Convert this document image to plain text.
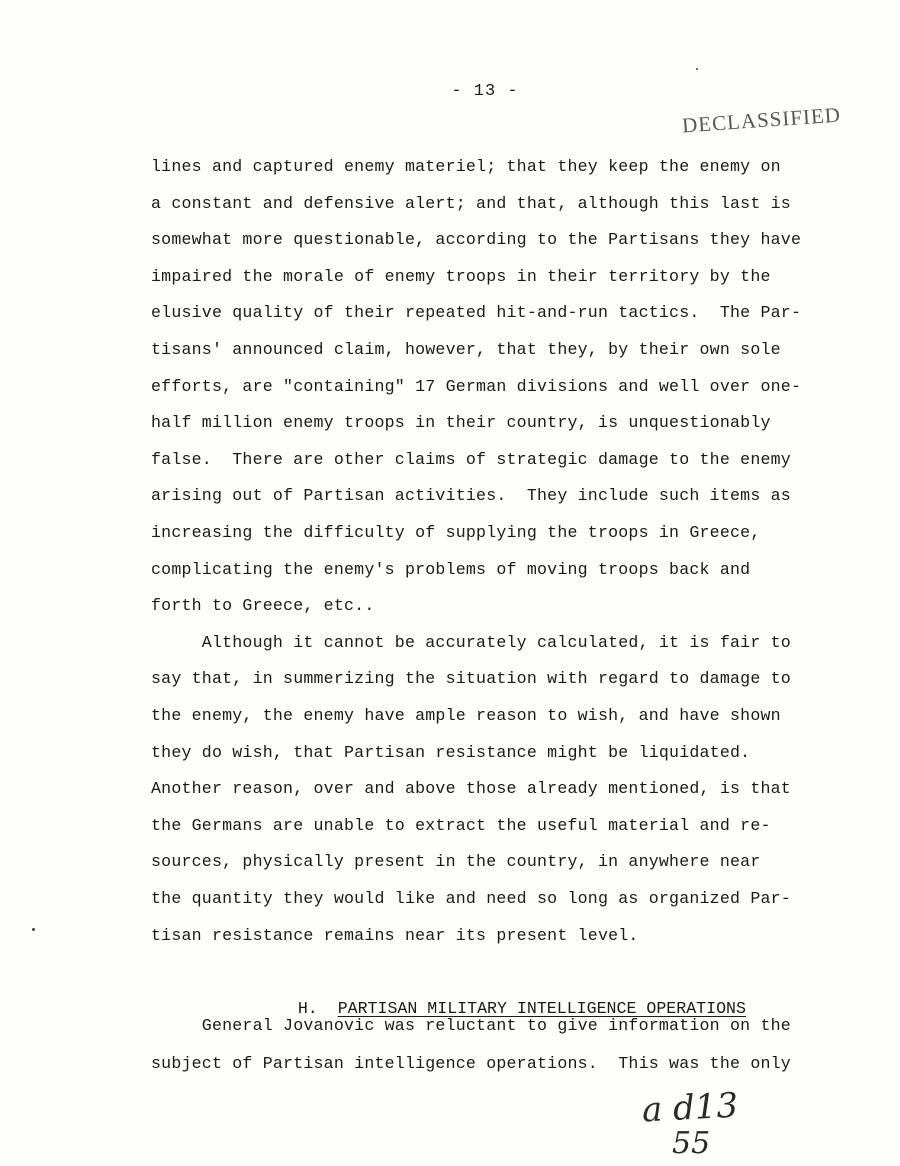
- 13 -
DECLASSIFIED
lines and captured enemy materiel; that they keep the enemy on
a constant and defensive alert; and that, although this last is
somewhat more questionable, according to the Partisans they have
impaired the morale of enemy troops in their territory by the
elusive quality of their repeated hit-and-run tactics.  The Par-
tisans' announced claim, however, that they, by their own sole
efforts, are "containing" 17 German divisions and well over one-
half million enemy troops in their country, is unquestionably
false.  There are other claims of strategic damage to the enemy
arising out of Partisan activities.  They include such items as
increasing the difficulty of supplying the troops in Greece,
complicating the enemy's problems of moving troops back and
forth to Greece, etc..
Although it cannot be accurately calculated, it is fair to
say that, in summerizing the situation with regard to damage to
the enemy, the enemy have ample reason to wish, and have shown
they do wish, that Partisan resistance might be liquidated.
Another reason, over and above those already mentioned, is that
the Germans are unable to extract the useful material and re-
sources, physically present in the country, in anywhere near
the quantity they would like and need so long as organized Par-
tisan resistance remains near its present level.

H. PARTISAN MILITARY INTELLIGENCE OPERATIONS

General Jovanovic was reluctant to give information on the
subject of Partisan intelligence operations.  This was the only
a d13
55
